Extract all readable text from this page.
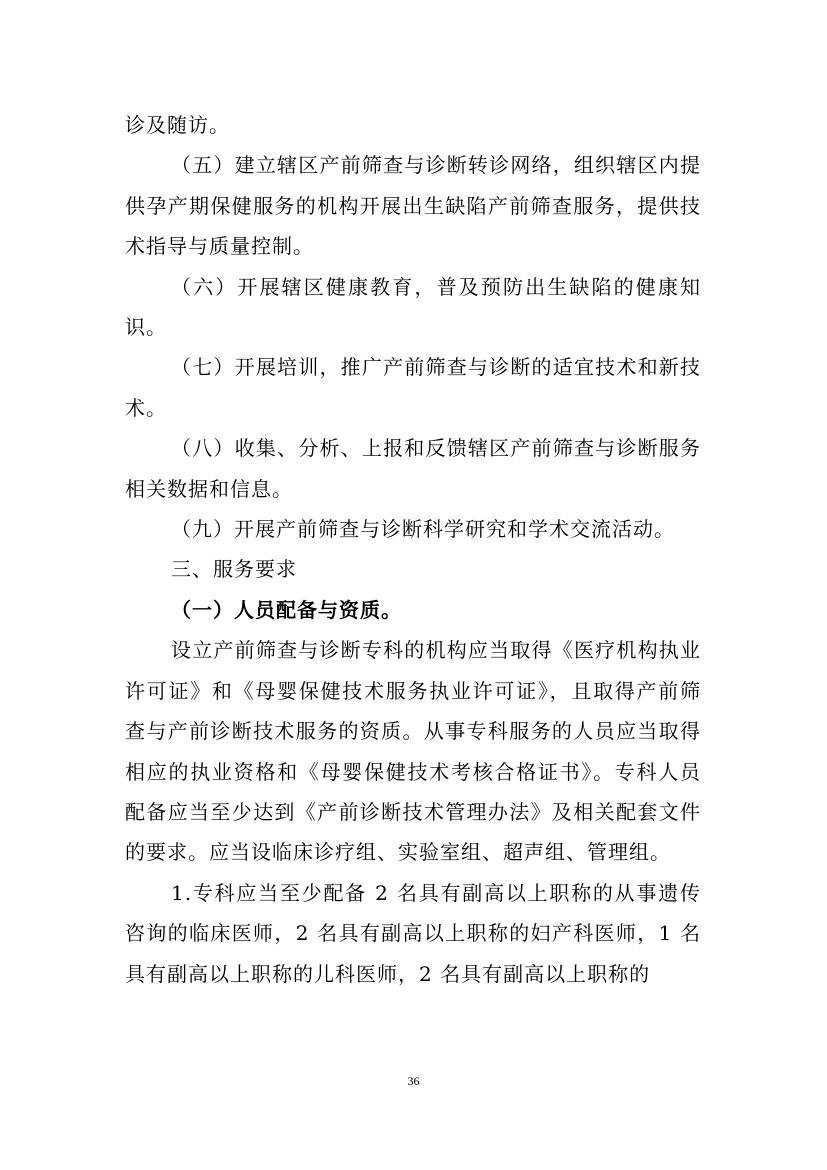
诊及随访。

（五）建立辖区产前筛查与诊断转诊网络，组织辖区内提供孕产期保健服务的机构开展出生缺陷产前筛查服务，提供技术指导与质量控制。

（六）开展辖区健康教育，普及预防出生缺陷的健康知识。

（七）开展培训，推广产前筛查与诊断的适宜技术和新技术。

（八）收集、分析、上报和反馈辖区产前筛查与诊断服务相关数据和信息。

（九）开展产前筛查与诊断科学研究和学术交流活动。

三、服务要求

（一）人员配备与资质。

设立产前筛查与诊断专科的机构应当取得《医疗机构执业许可证》和《母婴保健技术服务执业许可证》，且取得产前筛查与产前诊断技术服务的资质。从事专科服务的人员应当取得相应的执业资格和《母婴保健技术考核合格证书》。专科人员配备应当至少达到《产前诊断技术管理办法》及相关配套文件的要求。应当设临床诊疗组、实验室组、超声组、管理组。

1.专科应当至少配备 2 名具有副高以上职称的从事遗传咨询的临床医师，2 名具有副高以上职称的妇产科医师，1 名具有副高以上职称的儿科医师，2 名具有副高以上职称的

36
